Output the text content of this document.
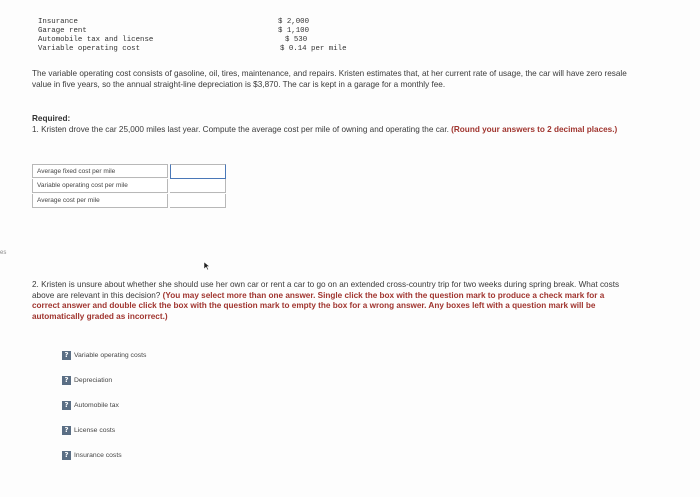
Insurance	$ 2,000
Garage rent	$ 1,100
Automobile tax and license	$ 530
Variable operating cost	$ 0.14 per mile
The variable operating cost consists of gasoline, oil, tires, maintenance, and repairs. Kristen estimates that, at her current rate of usage, the car will have zero resale value in five years, so the annual straight-line depreciation is $3,870. The car is kept in a garage for a monthly fee.
Required:
1. Kristen drove the car 25,000 miles last year. Compute the average cost per mile of owning and operating the car. (Round your answers to 2 decimal places.)
Average fixed cost per mile
Variable operating cost per mile
Average cost per mile
es
2. Kristen is unsure about whether she should use her own car or rent a car to go on an extended cross-country trip for two weeks during spring break. What costs above are relevant in this decision? (You may select more than one answer. Single click the box with the question mark to produce a check mark for a correct answer and double click the box with the question mark to empty the box for a wrong answer. Any boxes left with a question mark will be automatically graded as incorrect.)
? Variable operating costs
? Depreciation
? Automobile tax
? License costs
? Insurance costs
